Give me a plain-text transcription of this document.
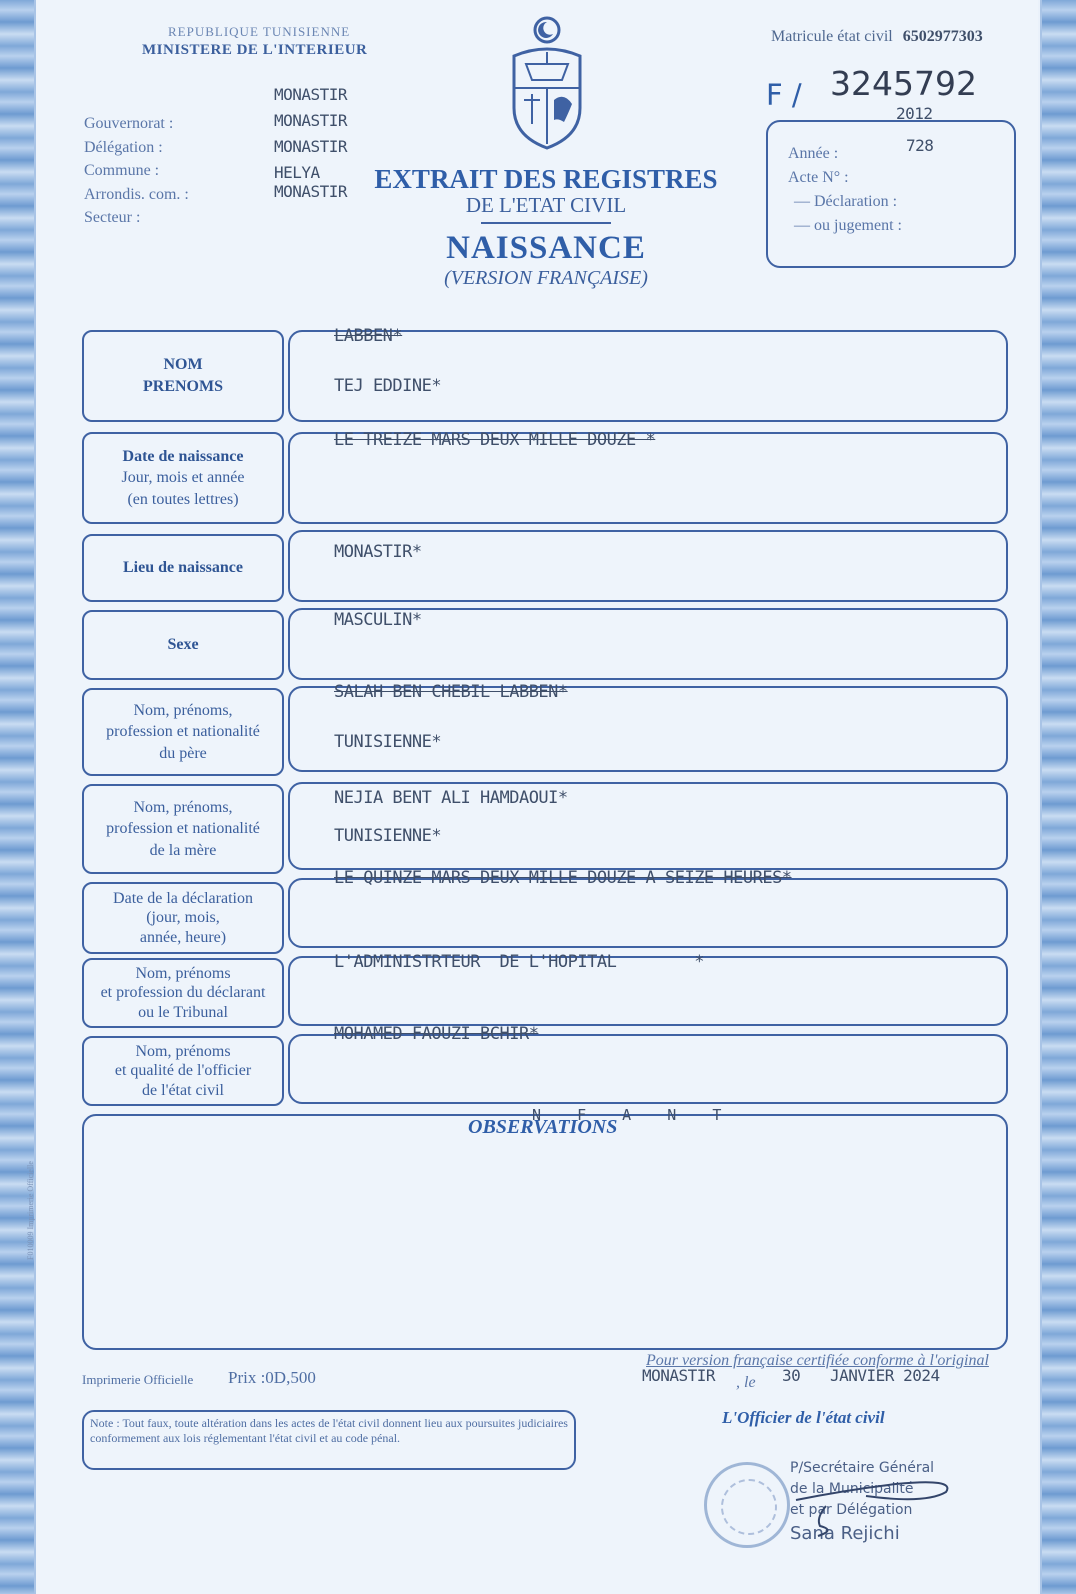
REPUBLIQUE TUNISIENNE
MINISTERE DE L'INTERIEUR
Matricule état civil 6502977303
F / 3245792
Gouvernorat :
Délégation :
Commune :
Arrondis. com. :
Secteur :
MONASTIR
MONASTIR
MONASTIR
HELYA
MONASTIR	EXTRAIT DES REGISTRES
DE L'ETAT CIVIL
NAISSANCE
(VERSION FRANÇAISE)
2012
728
Année :
Acte N° :
— Déclaration :
— ou jugement :
NOM
PRENOMS
LABBEN*
TEJ EDDINE*
Date de naissance
Jour, mois et année
(en toutes lettres)
LE TREIZE MARS DEUX MILLE DOUZE *
Lieu de naissance
MONASTIR*
Sexe
MASCULIN*
Nom, prénoms,
profession et nationalité
du père
SALAH BEN CHEBIL LABBEN*
TUNISIENNE*
Nom, prénoms,
profession et nationalité
de la mère
NEJIA BENT ALI HAMDAOUI*
TUNISIENNE*
Date de la déclaration
(jour, mois,
année, heure)
LE QUINZE MARS DEUX MILLE DOUZE A SEIZE HEURES*
Nom, prénoms
et profession du déclarant
ou le Tribunal
L'ADMINISTRTEUR  DE L'HOPITAL        *
Nom, prénoms
et qualité de l'officier
de l'état civil
MOHAMED FAOUZI BCHIR*
OBSERVATIONS
N  F  A  N  T
F010009 Imprimerie Officielle
Imprimerie Officielle Prix :0D,500
Pour version française certifiée conforme à l'original
MONASTIR , le 30 JANVIER 2024
L'Officier de l'état civil
Note : Tout faux, toute altération dans les actes de l'état civil donnent lieu aux poursuites judiciaires conformement aux lois réglementant l'état civil et au code pénal.
P/Secrétaire Général
de la Municipalité
et par Délégation
Sana Rejichi
